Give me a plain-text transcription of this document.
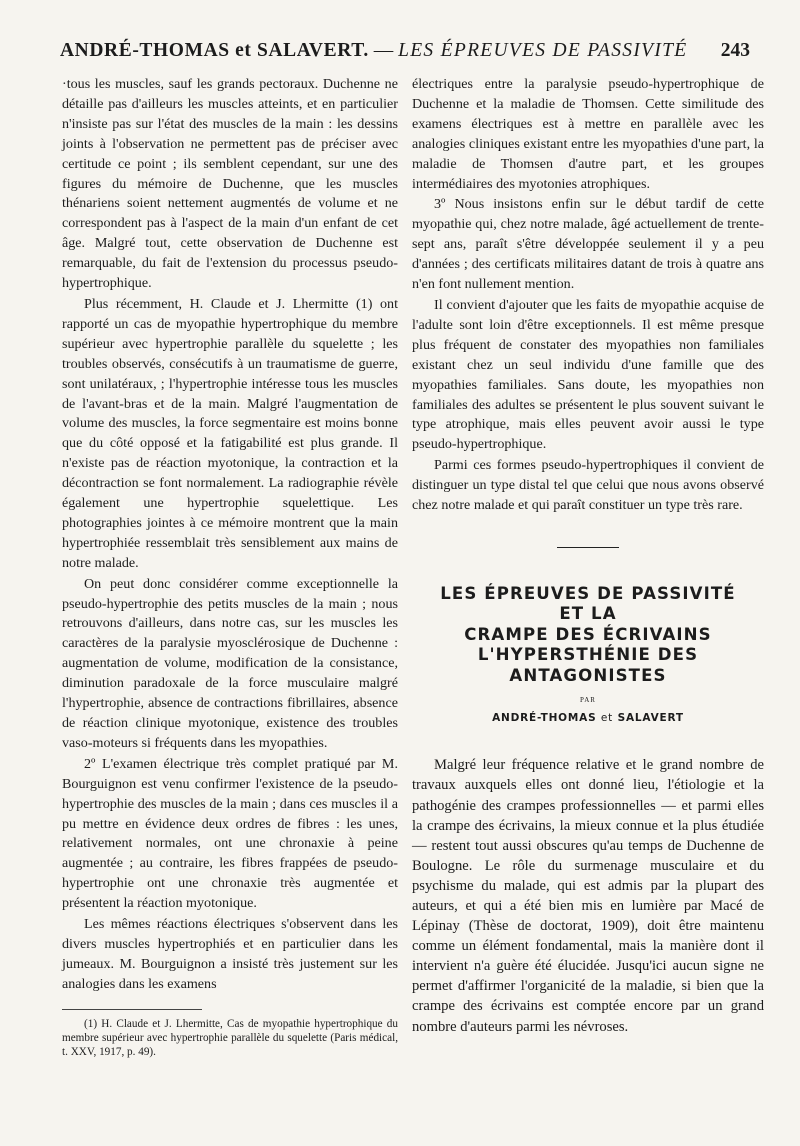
ANDRÉ-THOMAS et SALAVERT. — LES ÉPREUVES DE PASSIVITÉ 243

·tous les muscles, sauf les grands pectoraux. Duchenne ne détaille pas d'ailleurs les muscles atteints, et en particulier n'insiste pas sur l'état des muscles de la main : les dessins joints à l'observation ne permettent pas de préciser avec certitude ce point ; ils semblent cependant, sur une des figures du mémoire de Duchenne, que les muscles thénariens soient nettement augmentés de volume et ne correspondent pas à l'aspect de la main d'un enfant de cet âge. Malgré tout, cette observation de Duchenne est remarquable, du fait de l'extension du processus pseudo-hypertrophique.

Plus récemment, H. Claude et J. Lhermitte (1) ont rapporté un cas de myopathie hypertrophique du membre supérieur avec hypertrophie parallèle du squelette ; les troubles observés, consécutifs à un traumatisme de guerre, sont unilatéraux, ; l'hypertrophie intéresse tous les muscles de l'avant-bras et de la main. Malgré l'augmentation de volume des muscles, la force segmentaire est moins bonne que du côté opposé et la fatigabilité est plus grande. Il n'existe pas de réaction myotonique, la contraction et la décontraction se font normalement. La radiographie révèle également une hypertrophie squelettique. Les photographies jointes à ce mémoire montrent que la main hypertrophiée ressemblait très sensiblement aux mains de notre malade.

On peut donc considérer comme exceptionnelle la pseudo-hypertrophie des petits muscles de la main ; nous retrouvons d'ailleurs, dans notre cas, sur les muscles les caractères de la paralysie myosclérosique de Duchenne : augmentation de volume, modification de la consistance, diminution paradoxale de la force musculaire malgré l'hypertrophie, absence de contractions fibrillaires, absence de réaction clinique myotonique, existence des troubles vaso-moteurs si fréquents dans les myopathies.

2º L'examen électrique très complet pratiqué par M. Bourguignon est venu confirmer l'existence de la pseudo-hypertrophie des muscles de la main ; dans ces muscles il a pu mettre en évidence deux ordres de fibres : les unes, relativement normales, ont une chronaxie à peine augmentée ; au contraire, les fibres frappées de pseudo-hypertrophie ont une chronaxie très augmentée et présentent la réaction myotonique.

Les mêmes réactions électriques s'observent dans les divers muscles hypertrophiés et en particulier dans les jumeaux. M. Bourguignon a insisté très justement sur les analogies dans les examens

(1) H. Claude et J. Lhermitte, Cas de myopathie hypertrophique du membre supérieur avec hypertrophie parallèle du squelette (Paris médical, t. XXV, 1917, p. 49).

électriques entre la paralysie pseudo-hypertrophique de Duchenne et la maladie de Thomsen. Cette similitude des examens électriques est à mettre en parallèle avec les analogies cliniques existant entre les myopathies d'une part, la maladie de Thomsen d'autre part, et les groupes intermédiaires des myotonies atrophiques.

3º Nous insistons enfin sur le début tardif de cette myopathie qui, chez notre malade, âgé actuellement de trente-sept ans, paraît s'être développée seulement il y a peu d'années ; des certificats militaires datant de trois à quatre ans n'en font nullement mention.

Il convient d'ajouter que les faits de myopathie acquise de l'adulte sont loin d'être exceptionnels. Il est même presque plus fréquent de constater des myopathies non familiales existant chez un seul individu d'une famille que des myopathies familiales. Sans doute, les myopathies non familiales des adultes se présentent le plus souvent suivant le type atrophique, mais elles peuvent avoir aussi le type pseudo-hypertrophique.

Parmi ces formes pseudo-hypertrophiques il convient de distinguer un type distal tel que celui que nous avons observé chez notre malade et qui paraît constituer un type très rare.

LES ÉPREUVES DE PASSIVITÉ
ET LA
CRAMPE DES ÉCRIVAINS
L'HYPERSTHÉNIE DES
ANTAGONISTES
PAR
ANDRÉ-THOMAS et SALAVERT

Malgré leur fréquence relative et le grand nombre de travaux auxquels elles ont donné lieu, l'étiologie et la pathogénie des crampes professionnelles — et parmi elles la crampe des écrivains, la mieux connue et la plus étudiée — restent tout aussi obscures qu'au temps de Duchenne de Boulogne. Le rôle du surmenage musculaire et du psychisme du malade, qui est admis par la plupart des auteurs, et qui a été bien mis en lumière par Macé de Lépinay (Thèse de doctorat, 1909), doit être maintenu comme un élément fondamental, mais la manière dont il intervient n'a guère été élucidée. Jusqu'ici aucun signe ne permet d'affirmer l'organicité de la maladie, si bien que la crampe des écrivains est comptée encore par un grand nombre d'auteurs parmi les névroses.
